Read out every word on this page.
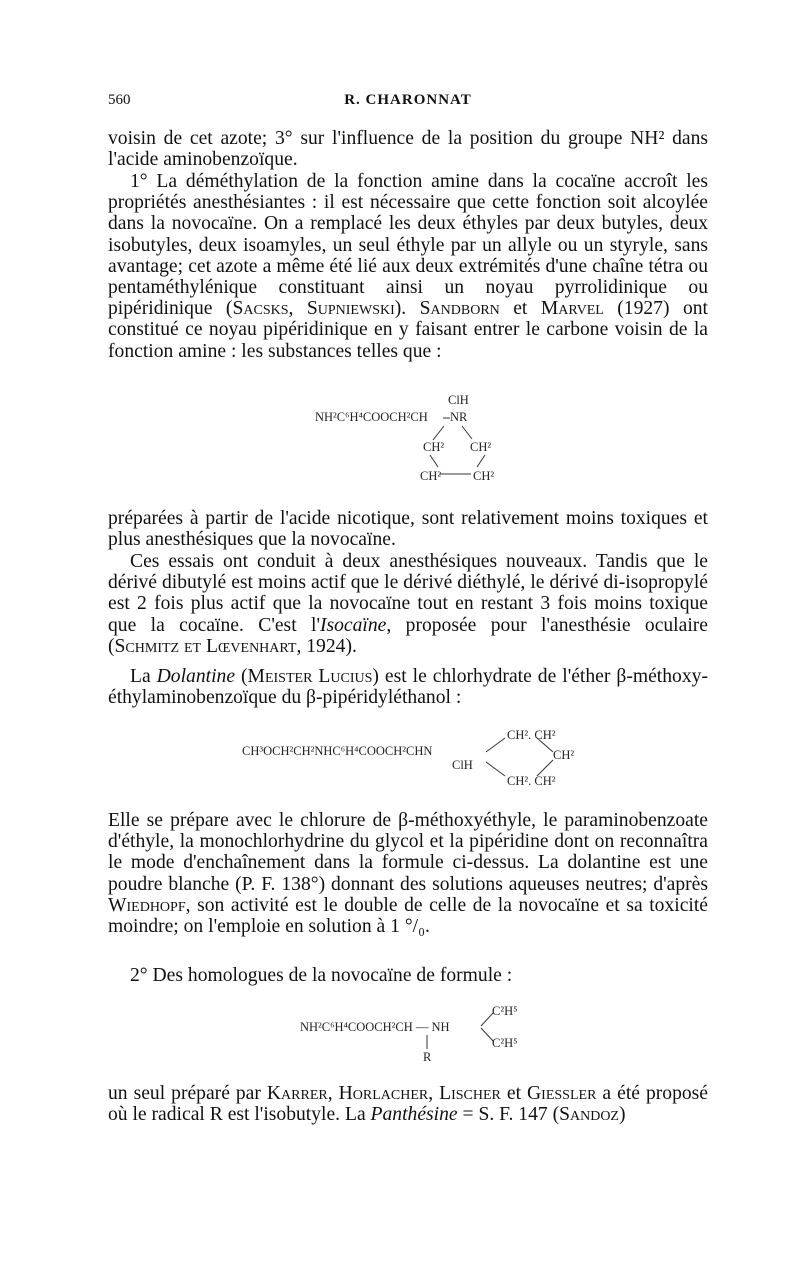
560	R. CHARONNAT

voisin de cet azote; 3° sur l'influence de la position du groupe NH² dans l'acide aminobenzoïque.

1° La déméthylation de la fonction amine dans la cocaïne accroît les propriétés anesthésiantes : il est nécessaire que cette fonction soit alcoylée dans la novocaïne. On a remplacé les deux éthyles par deux butyles, deux isobutyles, deux isoamyles, un seul éthyle par un allyle ou un styryle, sans avantage; cet azote a même été lié aux deux extrémités d'une chaîne tétra ou pentaméthylénique constituant ainsi un noyau pyrrolidinique ou pipéridinique (Sacsks, Supniewski). Sandborn et Marvel (1927) ont constitué ce noyau pipéridinique en y faisant entrer le carbone voisin de la fonction amine : les substances telles que :

ClH
NH²C⁶H⁴COOCH²CH NR
CH² CH²
CH²	CH²

préparées à partir de l'acide nicotique, sont relativement moins toxiques et plus anesthésiques que la novocaïne.

Ces essais ont conduit à deux anesthésiques nouveaux. Tandis que le dérivé dibutylé est moins actif que le dérivé diéthylé, le dérivé di-isopropylé est 2 fois plus actif que la novocaïne tout en restant 3 fois moins toxique que la cocaïne. C'est l'Isocaïne, proposée pour l'anesthésie oculaire (Schmitz et Lœvenhart, 1924).

La Dolantine (Meister Lucius) est le chlorhydrate de l'éther β-méthoxy-éthylaminobenzoïque du β-pipéridyléthanol :

CH². CH²
CH³OCH²CH²NHC⁶H⁴COOCH²CHN
ClH
CH²
CH². CH²

Elle se prépare avec le chlorure de β-méthoxyéthyle, le paraminobenzoate d'éthyle, la monochlorhydrine du glycol et la pipéridine dont on reconnaîtra le mode d'enchaînement dans la formule ci-dessus. La dolantine est une poudre blanche (P. F. 138°) donnant des solutions aqueuses neutres; d'après Wiedhopf, son activité est le double de celle de la novocaïne et sa toxicité moindre; on l'emploie en solution à 1 °/₀.

2° Des homologues de la novocaïne de formule :

C²H⁵
NH²C⁶H⁴COOCH²CH — NH
C²H⁵
R

un seul préparé par Karrer, Horlacher, Lischer et Giessler a été proposé où le radical R est l'isobutyle. La Panthésine = S. F. 147 (Sandoz)
